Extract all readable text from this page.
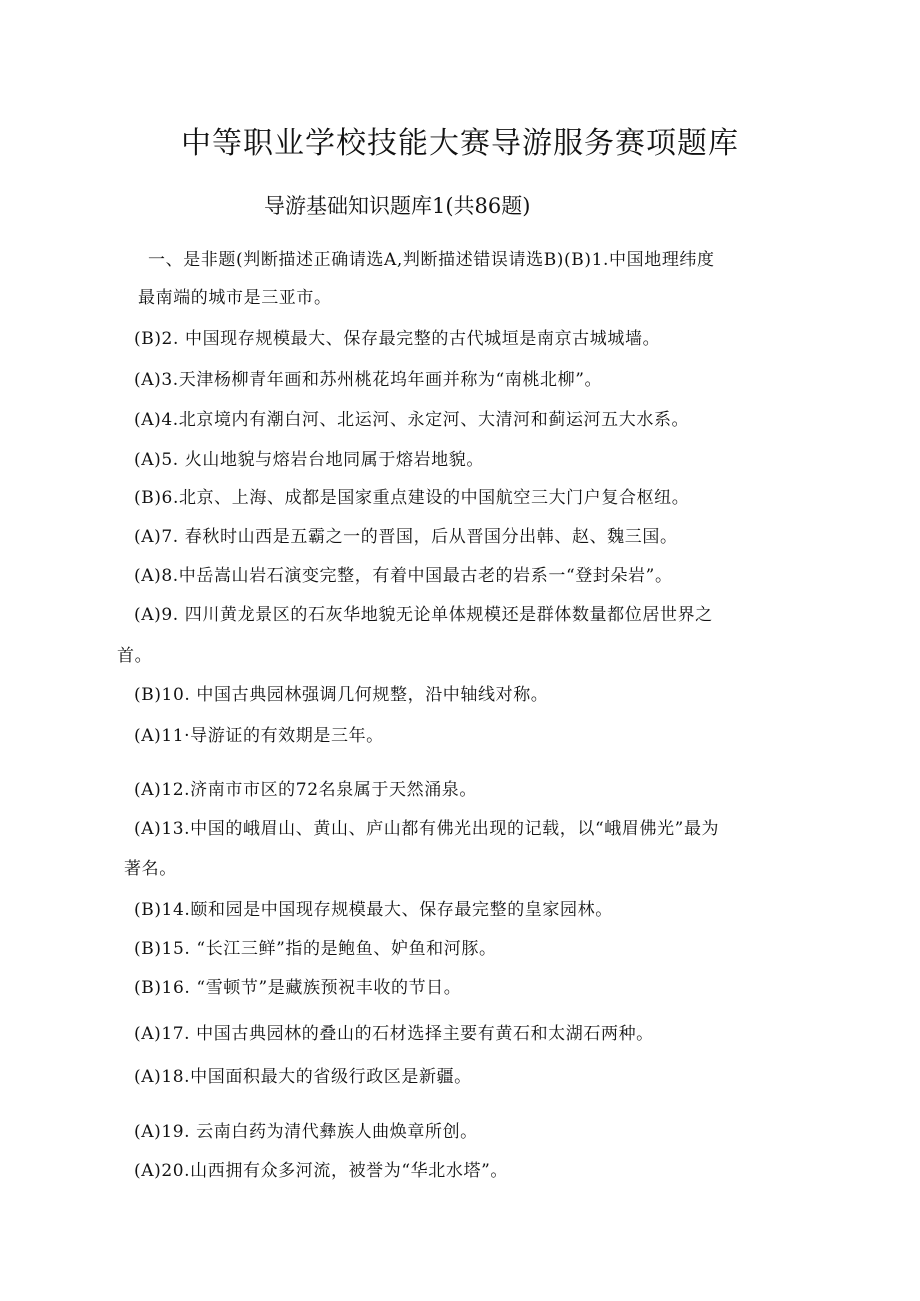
中等职业学校技能大赛导游服务赛项题库
导游基础知识题库1(共86题)
一、是非题(判断描述正确请选A,判断描述错误请选B)(B)1.中国地理纬度
最南端的城市是三亚市。
(B)2. 中国现存规模最大、保存最完整的古代城垣是南京古城城墙。
(A)3.天津杨柳青年画和苏州桃花坞年画并称为“南桃北柳”。
(A)4.北京境内有潮白河、北运河、永定河、大清河和蓟运河五大水系。
(A)5. 火山地貌与熔岩台地同属于熔岩地貌。
(B)6.北京、上海、成都是国家重点建设的中国航空三大门户复合枢纽。
(A)7. 春秋时山西是五霸之一的晋国，后从晋国分出韩、赵、魏三国。
(A)8.中岳嵩山岩石演变完整，有着中国最古老的岩系一“登封朵岩”。
(A)9. 四川黄龙景区的石灰华地貌无论单体规模还是群体数量都位居世界之
首。
(B)10. 中国古典园林强调几何规整，沿中轴线对称。
(A)11·导游证的有效期是三年。
(A)12.济南市市区的72名泉属于天然涌泉。
(A)13.中国的峨眉山、黄山、庐山都有佛光出现的记载，以“峨眉佛光”最为
著名。
(B)14.颐和园是中国现存规模最大、保存最完整的皇家园林。
(B)15. “长江三鲜”指的是鲍鱼、妒鱼和河豚。
(B)16. “雪顿节”是藏族预祝丰收的节日。
(A)17. 中国古典园林的叠山的石材选择主要有黄石和太湖石两种。
(A)18.中国面积最大的省级行政区是新疆。
(A)19. 云南白药为清代彝族人曲焕章所创。
(A)20.山西拥有众多河流，被誉为“华北水塔”。
